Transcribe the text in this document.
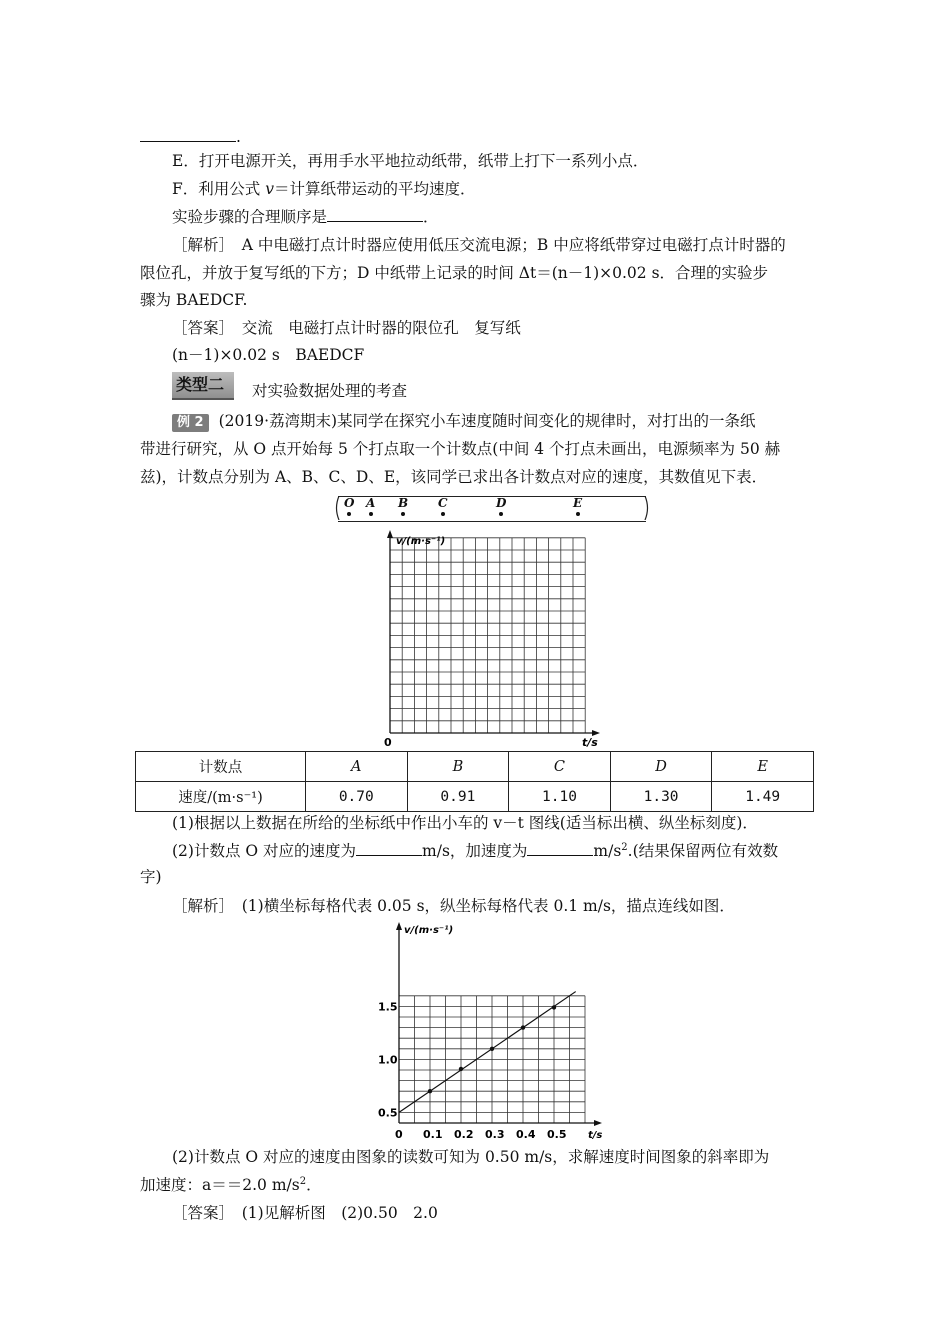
.
E．打开电源开关，再用手水平地拉动纸带，纸带上打下一系列小点．
F．利用公式 v＝计算纸带运动的平均速度．
实验步骤的合理顺序是	．
［解析］　A 中电磁打点计时器应使用低压交流电源；B 中应将纸带穿过电磁打点计时器的
限位孔，并放于复写纸的下方；D 中纸带上记录的时间 Δt＝(n－1)×0.02 s．合理的实验步
骤为 BAEDCF.
［答案］　交流　电磁打点计时器的限位孔　复写纸
(n－1)×0.02 s　BAEDCF
类型二 对实验数据处理的考查
例 2 (2019·荔湾期末)某同学在探究小车速度随时间变化的规律时，对打出的一条纸
带进行研究，从 O 点开始每 5 个打点取一个计数点(中间 4 个打点未画出，电源频率为 50 赫
兹)，计数点分别为 A、B、C、D、E，该同学已求出各计数点对应的速度，其数值见下表．
O A B C	D	E
v/(m·s⁻¹)
0	t/s
计数点	A	B	C	D	E
速度/(m·s⁻¹)	0.70	0.91	1.10	1.30	1.49
(1)根据以上数据在所给的坐标纸中作出小车的 v－t 图线(适当标出横、纵坐标刻度)．
(2)计数点 O 对应的速度为	m/s，加速度为	$m/s^2$.(结果保留两位有效数
字)
［解析］　(1)横坐标每格代表 0.05 s，纵坐标每格代表 0.1 m/s，描点连线如图．
v/(m·s⁻¹)
t/s
0 0.1 0.2 0.3 0.4 0.5
0.5
1.0
1.5
(2)计数点 O 对应的速度由图象的读数可知为 0.50 m/s，求解速度时间图象的斜率即为
加速度：a＝＝2.0 $m/s^2$．
［答案］　(1)见解析图　(2)0.50　2.0
